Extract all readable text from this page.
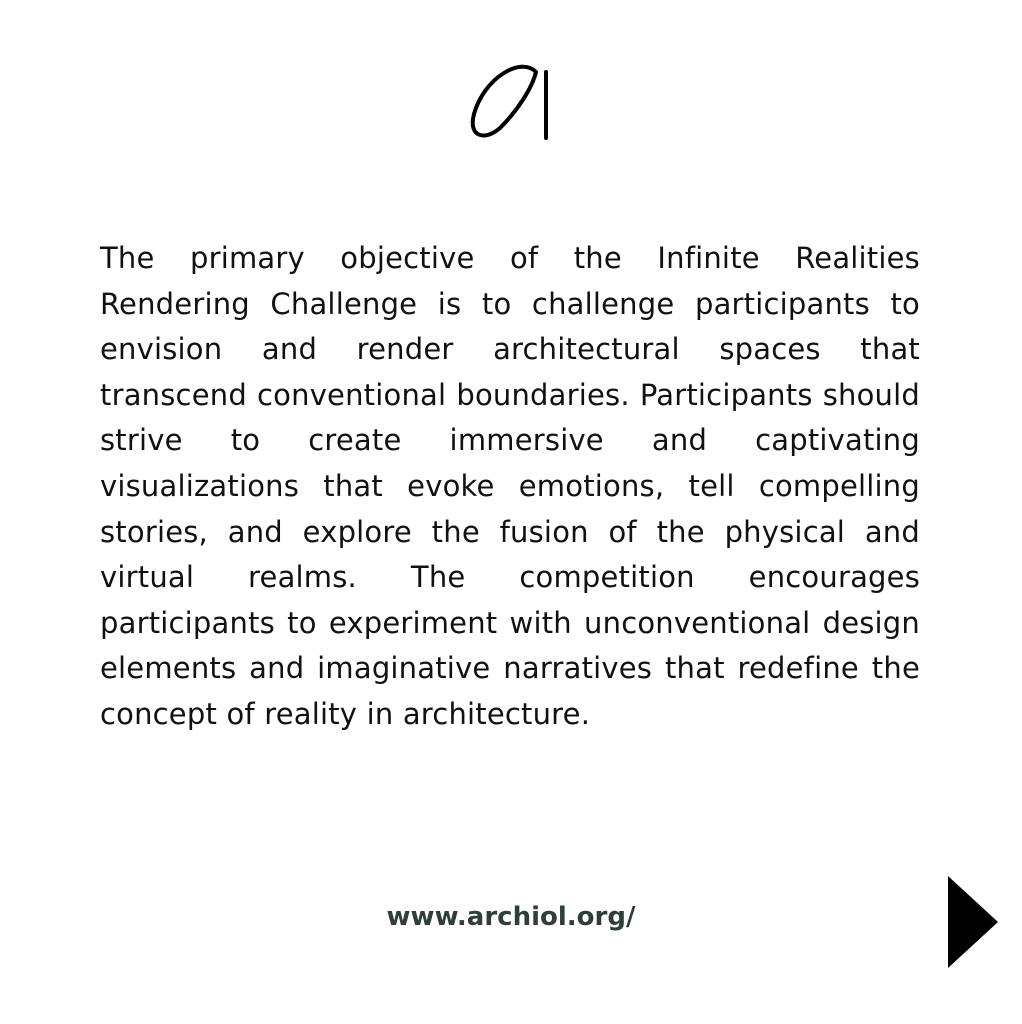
The primary objective of the Infinite Realities Rendering Challenge is to challenge participants to envision and render architectural spaces that transcend conventional boundaries. Participants should strive to create immersive and captivating visualizations that evoke emotions, tell compelling stories, and explore the fusion of the physical and virtual realms. The competition encourages participants to experiment with unconventional design elements and imaginative narratives that redefine the concept of reality in architecture.

www.archiol.org/
